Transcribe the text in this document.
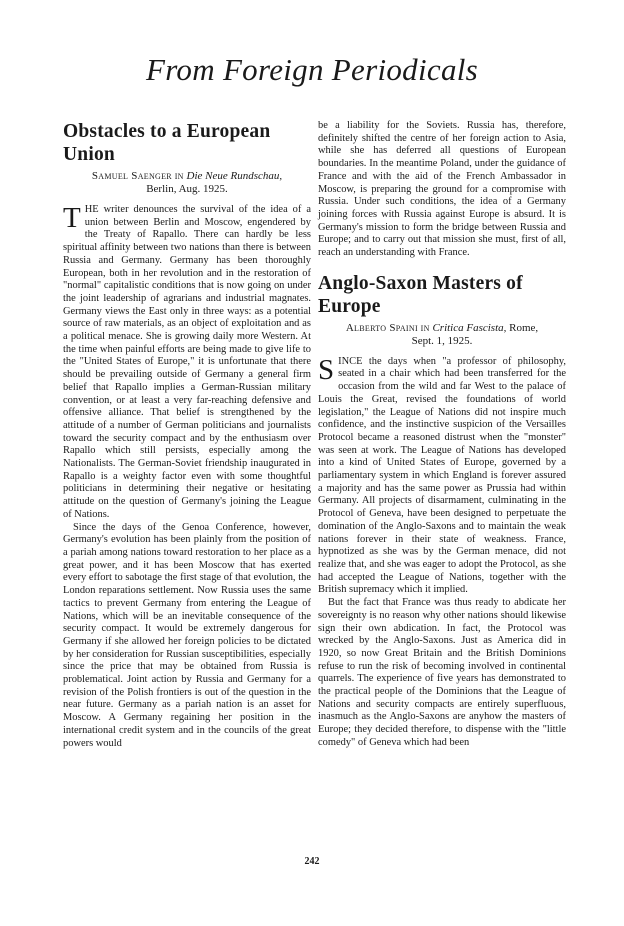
From Foreign Periodicals
Obstacles to a European Union
Samuel Saenger in Die Neue Rundschau,
Berlin, Aug. 1925.

THE writer denounces the survival of the idea of a union between Berlin and Moscow, engendered by the Treaty of Rapallo. There can hardly be less spiritual affinity between two nations than there is between Russia and Germany. Germany has been thoroughly European, both in her revolution and in the restoration of "normal" capitalistic conditions that is now going on under the joint leadership of agrarians and industrial magnates. Germany views the East only in three ways: as a potential source of raw materials, as an object of exploitation and as a political menace. She is growing daily more Western. At the time when painful efforts are being made to give life to the "United States of Europe," it is unfortunate that there should be prevailing outside of Germany a general firm belief that Rapallo implies a German-Russian military convention, or at least a very far-reaching defensive and offensive alliance. That belief is strengthened by the attitude of a number of German politicians and journalists toward the security compact and by the enthusiasm over Rapallo which still persists, especially among the Nationalists. The German-Soviet friendship inaugurated in Rapallo is a weighty factor even with some thoughtful politicians in determining their negative or hesitating attitude on the question of Germany's joining the League of Nations.

Since the days of the Genoa Conference, however, Germany's evolution has been plainly from the position of a pariah among nations toward restoration to her place as a great power, and it has been Moscow that has exerted every effort to sabotage the first stage of that evolution, the London reparations settlement. Now Russia uses the same tactics to prevent Germany from entering the League of Nations, which will be an inevitable consequence of the security compact. It would be extremely dangerous for Germany if she allowed her foreign policies to be dictated by her consideration for Russian susceptibilities, especially since the price that may be obtained from Russia is problematical. Joint action by Russia and Germany for a revision of the Polish frontiers is out of the question in the near future. Germany as a pariah nation is an asset for Moscow. A Germany regaining her position in the international credit system and in the councils of the great powers would

be a liability for the Soviets. Russia has, therefore, definitely shifted the centre of her foreign action to Asia, while she has deferred all questions of European boundaries. In the meantime Poland, under the guidance of France and with the aid of the French Ambassador in Moscow, is preparing the ground for a compromise with Russia. Under such conditions, the idea of a Germany joining forces with Russia against Europe is absurd. It is Germany's mission to form the bridge between Russia and Europe; and to carry out that mission she must, first of all, reach an understanding with France.

Anglo-Saxon Masters of Europe
Alberto Spaini in Critica Fascista, Rome,
Sept. 1, 1925.

SINCE the days when "a professor of philosophy, seated in a chair which had been transferred for the occasion from the wild and far West to the palace of Louis the Great, revised the foundations of world legislation," the League of Nations did not inspire much confidence, and the instinctive suspicion of the Versailles Protocol became a reasoned distrust when the "monster" was seen at work. The League of Nations has developed into a kind of United States of Europe, governed by a parliamentary system in which England is forever assured a majority and has the same power as Prussia had within Germany. All projects of disarmament, culminating in the Protocol of Geneva, have been designed to perpetuate the domination of the Anglo-Saxons and to maintain the weak nations forever in their state of weakness. France, hypnotized as she was by the German menace, did not realize that, and she was eager to adopt the Protocol, as she had accepted the League of Nations, together with the British supremacy which it implied.

But the fact that France was thus ready to abdicate her sovereignty is no reason why other nations should likewise sign their own abdication. In fact, the Protocol was wrecked by the Anglo-Saxons. Just as America did in 1920, so now Great Britain and the British Dominions refuse to run the risk of becoming involved in continental quarrels. The experience of five years has demonstrated to the practical people of the Dominions that the League of Nations and security compacts are entirely superfluous, inasmuch as the Anglo-Saxons are anyhow the masters of Europe; they decided therefore, to dispense with the "little comedy" of Geneva which had been

242
